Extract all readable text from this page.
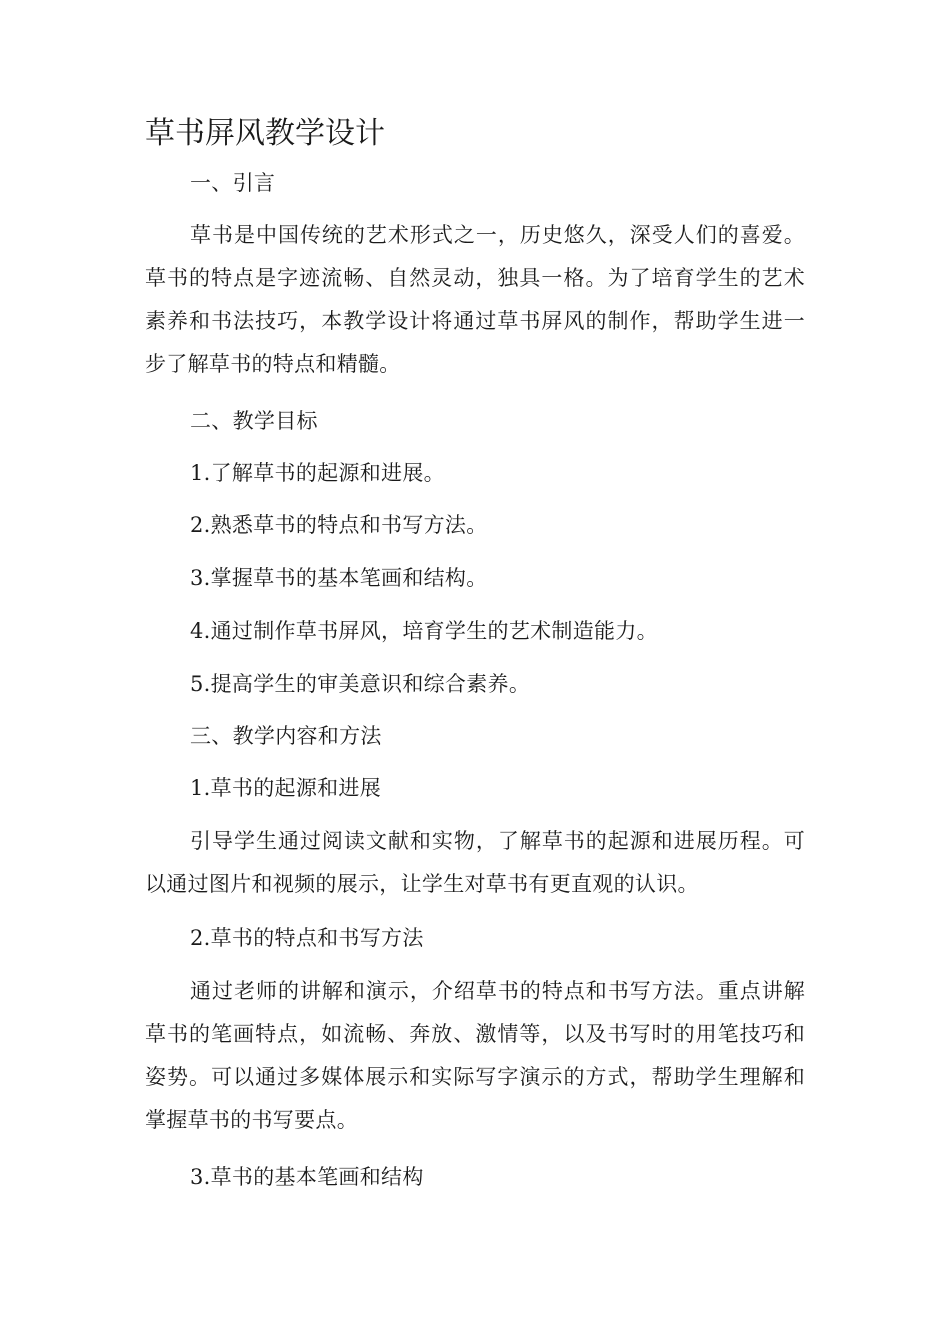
草书屏风教学设计

一、引言

草书是中国传统的艺术形式之一，历史悠久，深受人们的喜爱。草书的特点是字迹流畅、自然灵动，独具一格。为了培育学生的艺术素养和书法技巧，本教学设计将通过草书屏风的制作，帮助学生进一步了解草书的特点和精髓。

二、教学目标

1.了解草书的起源和进展。

2.熟悉草书的特点和书写方法。

3.掌握草书的基本笔画和结构。

4.通过制作草书屏风，培育学生的艺术制造能力。

5.提高学生的审美意识和综合素养。

三、教学内容和方法

1.草书的起源和进展

引导学生通过阅读文献和实物，了解草书的起源和进展历程。可以通过图片和视频的展示，让学生对草书有更直观的认识。

2.草书的特点和书写方法

通过老师的讲解和演示，介绍草书的特点和书写方法。重点讲解草书的笔画特点，如流畅、奔放、激情等，以及书写时的用笔技巧和姿势。可以通过多媒体展示和实际写字演示的方式，帮助学生理解和掌握草书的书写要点。

3.草书的基本笔画和结构
